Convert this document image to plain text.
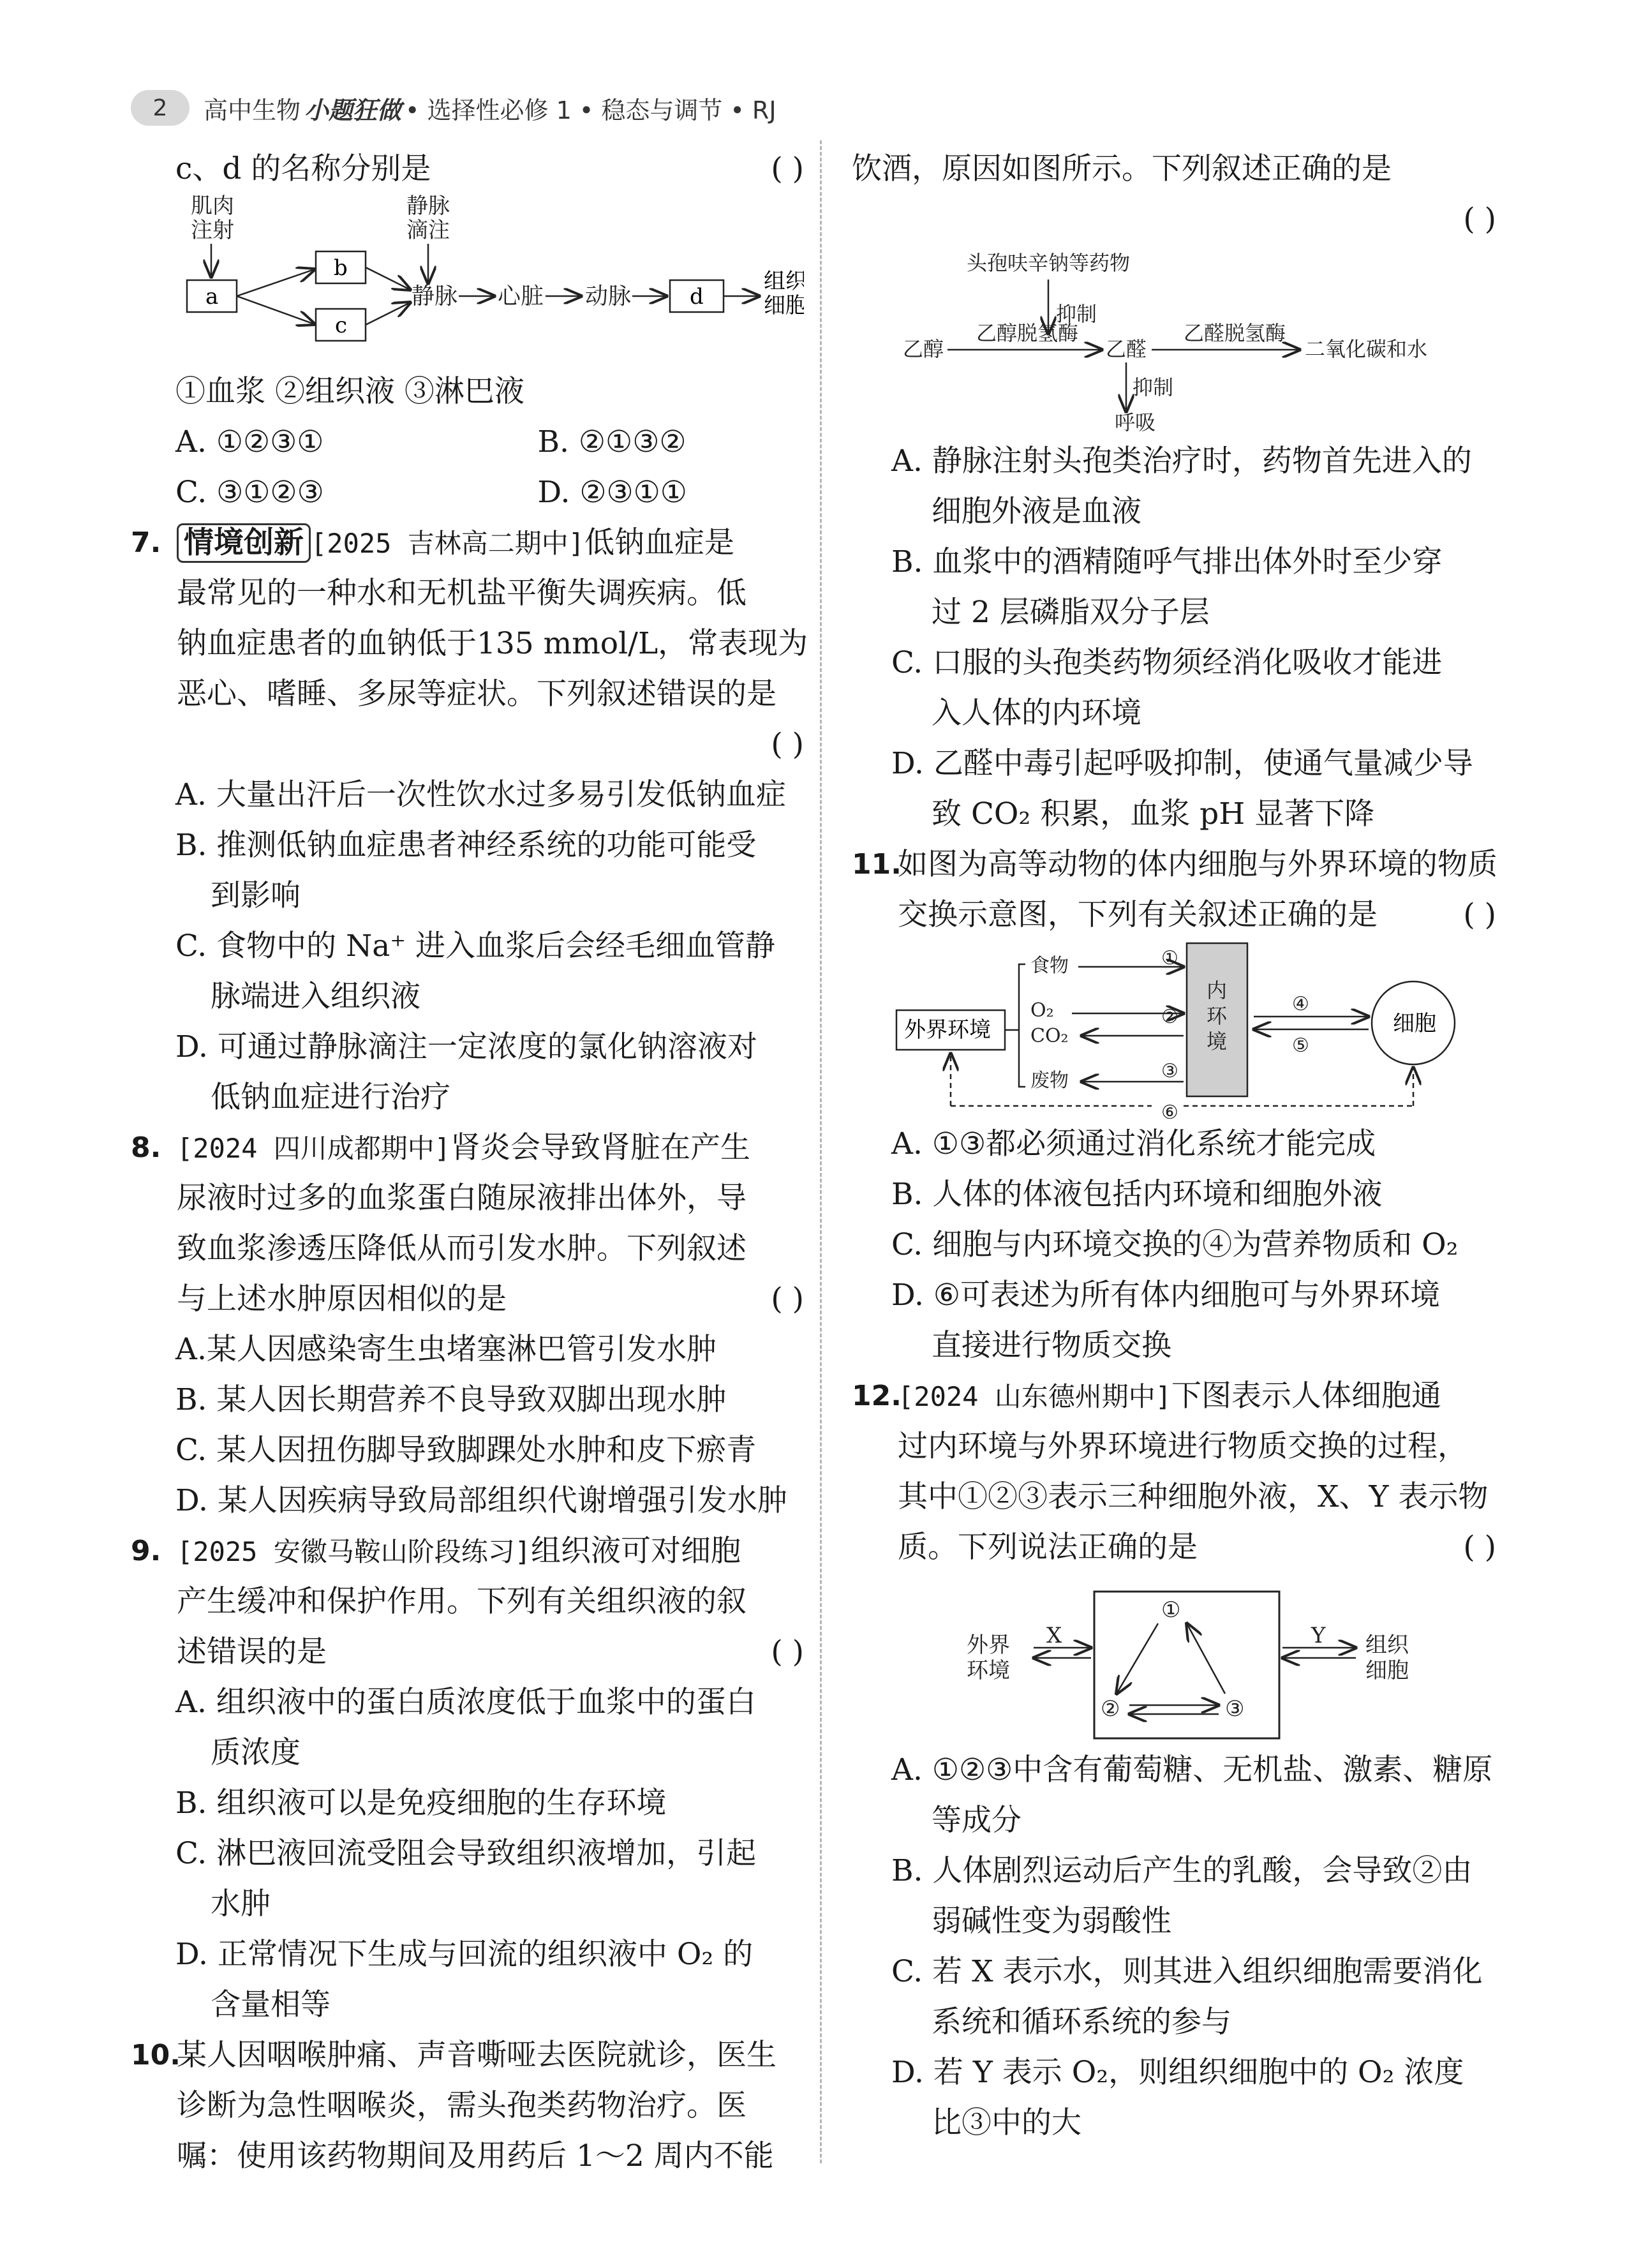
2	高中生物 小题狂做 • 选择性必修 1 • 稳态与调节 • RJ
c、d 的名称分别是	( )
肌肉
注射
静脉
滴注
a
b
c
静脉 心脏 动脉	d
组织
细胞
①血浆 ②组织液 ③淋巴液
A. ①②③①	B. ②①③②
C. ③①②③	D. ②③①①
7. 情境创新 [2025 吉林高二期中]低钠血症是
最常见的一种水和无机盐平衡失调疾病。低
钠血症患者的血钠低于135 mmol/L，常表现为
恶心、嗜睡、多尿等症状。下列叙述错误的是
( )
A. 大量出汗后一次性饮水过多易引发低钠血症
B. 推测低钠血症患者神经系统的功能可能受
到影响
C. 食物中的 Na⁺ 进入血浆后会经毛细血管静
脉端进入组织液
D. 可通过静脉滴注一定浓度的氯化钠溶液对
低钠血症进行治疗
8. [2024 四川成都期中]肾炎会导致肾脏在产生
尿液时过多的血浆蛋白随尿液排出体外，导
致血浆渗透压降低从而引发水肿。下列叙述
与上述水肿原因相似的是	( )
A.某人因感染寄生虫堵塞淋巴管引发水肿
B. 某人因长期营养不良导致双脚出现水肿
C. 某人因扭伤脚导致脚踝处水肿和皮下瘀青
D. 某人因疾病导致局部组织代谢增强引发水肿
9. [2025 安徽马鞍山阶段练习]组织液可对细胞
产生缓冲和保护作用。下列有关组织液的叙
述错误的是	( )
A. 组织液中的蛋白质浓度低于血浆中的蛋白
质浓度
B. 组织液可以是免疫细胞的生存环境
C. 淋巴液回流受阻会导致组织液增加，引起
水肿
D. 正常情况下生成与回流的组织液中 O₂ 的
含量相等
10.
某人因咽喉肿痛、声音嘶哑去医院就诊，医生
诊断为急性咽喉炎，需头孢类药物治疗。医
嘱：使用该药物期间及用药后 1～2 周内不能
饮酒，原因如图所示。下列叙述正确的是
( )
头孢呋辛钠等药物
抑制
乙醇
乙醇脱氢酶
乙醛
乙醛脱氢酶
二氧化碳和水
抑制
呼吸
A. 静脉注射头孢类治疗时，药物首先进入的
细胞外液是血液
B. 血浆中的酒精随呼气排出体外时至少穿
过 2 层磷脂双分子层
C. 口服的头孢类药物须经消化吸收才能进
入人体的内环境
D. 乙醛中毒引起呼吸抑制，使通气量减少导
致 CO₂ 积累，血浆 pH 显著下降
11.
如图为高等动物的体内细胞与外界环境的物质
交换示意图，下列有关叙述正确的是	( )
外界环境
食物
O₂
CO₂
废物
①
②
③
④
⑤
⑥
内
环
境
细胞
A. ①③都必须通过消化系统才能完成
B. 人体的体液包括内环境和细胞外液
C. 细胞与内环境交换的④为营养物质和 O₂
D. ⑥可表述为所有体内细胞可与外界环境
直接进行物质交换
12.
[2024 山东德州期中]下图表示人体细胞通
过内环境与外界环境进行物质交换的过程，
其中①②③表示三种细胞外液，X、Y 表示物
质。下列说法正确的是	( )
外界
环境
X	Y 组织
细胞
①
②	③
A. ①②③中含有葡萄糖、无机盐、激素、糖原
等成分
B. 人体剧烈运动后产生的乳酸，会导致②由
弱碱性变为弱酸性
C. 若 X 表示水，则其进入组织细胞需要消化
系统和循环系统的参与
D. 若 Y 表示 O₂，则组织细胞中的 O₂ 浓度
比③中的大
